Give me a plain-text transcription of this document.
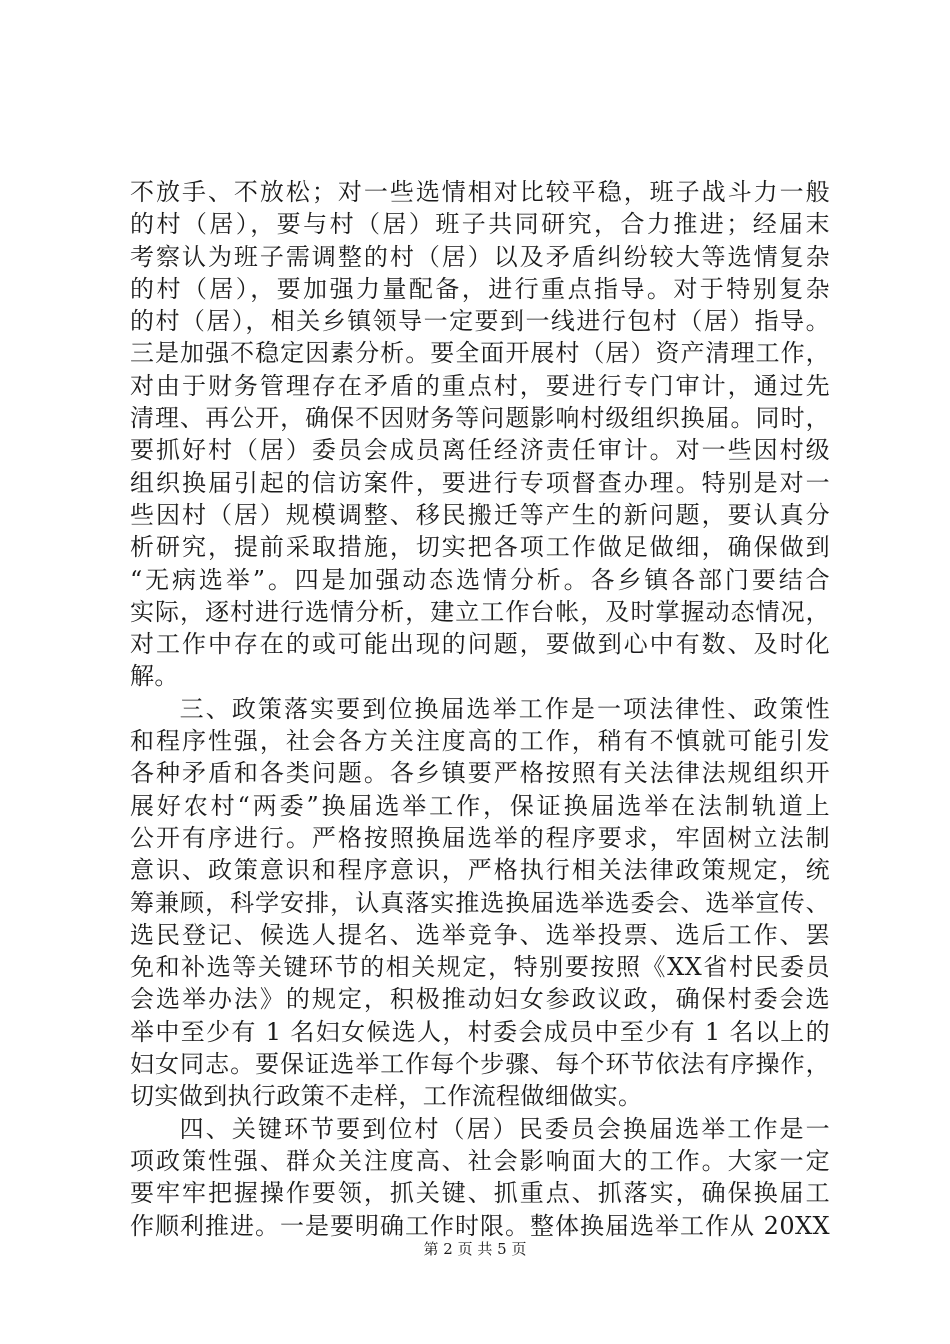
不放手、不放松；对一些选情相对比较平稳，班子战斗力一般
的村（居），要与村（居）班子共同研究，合力推进；经届末
考察认为班子需调整的村（居）以及矛盾纠纷较大等选情复杂
的村（居），要加强力量配备，进行重点指导。对于特别复杂
的村（居），相关乡镇领导一定要到一线进行包村（居）指导。
三是加强不稳定因素分析。要全面开展村（居）资产清理工作，
对由于财务管理存在矛盾的重点村，要进行专门审计，通过先
清理、再公开，确保不因财务等问题影响村级组织换届。同时，
要抓好村（居）委员会成员离任经济责任审计。对一些因村级
组织换届引起的信访案件，要进行专项督查办理。特别是对一
些因村（居）规模调整、移民搬迁等产生的新问题，要认真分
析研究，提前采取措施，切实把各项工作做足做细，确保做到
“无病选举”。四是加强动态选情分析。各乡镇各部门要结合
实际，逐村进行选情分析，建立工作台帐，及时掌握动态情况，
对工作中存在的或可能出现的问题，要做到心中有数、及时化
解。
三、政策落实要到位换届选举工作是一项法律性、政策性
和程序性强，社会各方关注度高的工作，稍有不慎就可能引发
各种矛盾和各类问题。各乡镇要严格按照有关法律法规组织开
展好农村“两委”换届选举工作，保证换届选举在法制轨道上
公开有序进行。严格按照换届选举的程序要求，牢固树立法制
意识、政策意识和程序意识，严格执行相关法律政策规定，统
筹兼顾，科学安排，认真落实推选换届选举选委会、选举宣传、
选民登记、候选人提名、选举竞争、选举投票、选后工作、罢
免和补选等关键环节的相关规定，特别要按照《XX省村民委员
会选举办法》的规定，积极推动妇女参政议政，确保村委会选
举中至少有 1 名妇女候选人，村委会成员中至少有 1 名以上的
妇女同志。要保证选举工作每个步骤、每个环节依法有序操作，
切实做到执行政策不走样，工作流程做细做实。
四、关键环节要到位村（居）民委员会换届选举工作是一
项政策性强、群众关注度高、社会影响面大的工作。大家一定
要牢牢把握操作要领，抓关键、抓重点、抓落实，确保换届工
作顺利推进。一是要明确工作时限。整体换届选举工作从 20XX
第 2 页 共 5 页
